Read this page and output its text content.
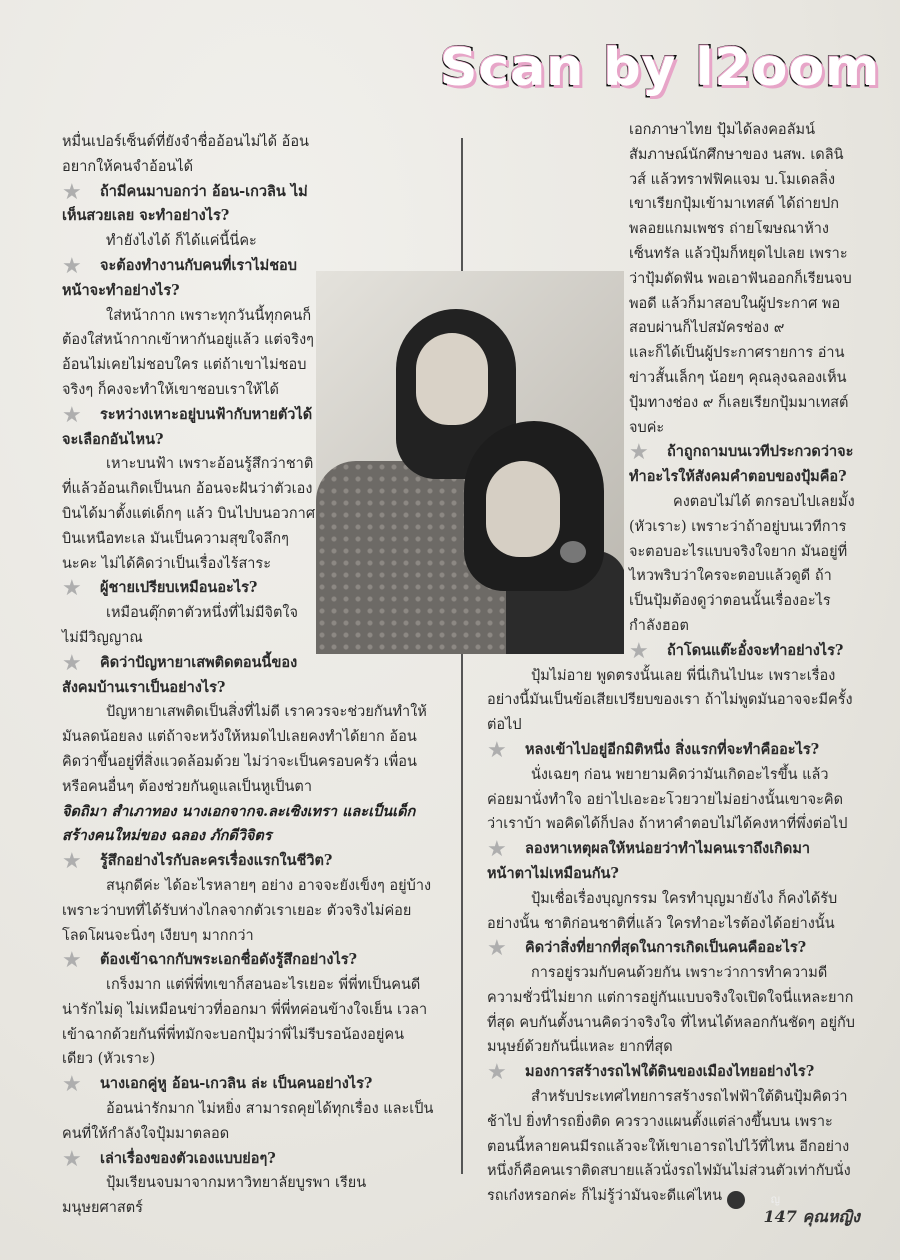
Scan by l2oom

หมื่นเปอร์เซ็นต์ที่ยังจำชื่ออ้อนไม่ได้ อ้อนอยากให้คนจำอ้อนได้

★ ถ้ามีคนมาบอกว่า อ้อน-เกวลิน ไม่เห็นสวยเลย จะทำอย่างไร?

ทำยังไงได้ ก็ได้แค่นี้นี่คะ

★ จะต้องทำงานกับคนที่เราไม่ชอบหน้าจะทำอย่างไร?

ใส่หน้ากาก เพราะทุกวันนี้ทุกคนก็ต้องใส่หน้ากากเข้าหากันอยู่แล้ว แต่จริงๆ อ้อนไม่เคยไม่ชอบใคร แต่ถ้าเขาไม่ชอบจริงๆ ก็คงจะทำให้เขาชอบเราให้ได้

★ ระหว่างเหาะอยู่บนฟ้ากับหายตัวได้ จะเลือกอันไหน?

เหาะบนฟ้า เพราะอ้อนรู้สึกว่าชาติที่แล้วอ้อนเกิดเป็นนก อ้อนจะฝันว่าตัวเองบินได้มาตั้งแต่เด็กๆ แล้ว บินไปบนอวกาศ บินเหนือทะเล มันเป็นความสุขใจลึกๆ นะคะ ไม่ได้คิดว่าเป็นเรื่องไร้สาระ

★ ผู้ชายเปรียบเหมือนอะไร?

เหมือนตุ๊กตาตัวหนึ่งที่ไม่มีจิตใจ ไม่มีวิญญาณ

★ คิดว่าปัญหายาเสพติดตอนนี้ของสังคมบ้านเราเป็นอย่างไร?

ปัญหายาเสพติดเป็นสิ่งที่ไม่ดี เราควรจะช่วยกันทำให้มันลดน้อยลง แต่ถ้าจะหวังให้หมดไปเลยคงทำได้ยาก อ้อนคิดว่าขึ้นอยู่ที่สิ่งแวดล้อมด้วย ไม่ว่าจะเป็นครอบครัว เพื่อน หรือคนอื่นๆ ต้องช่วยกันดูแลเป็นหูเป็นตา

จิดถิมา สำเภาทอง นางเอกจากจ.ละเซิงเทรา และเป็นเด็กสร้างคนใหม่ของ ฉลอง ภักดีวิจิตร

★ รู้สึกอย่างไรกับละครเรื่องแรกในชีวิต?

สนุกดีค่ะ ได้อะไรหลายๆ อย่าง อาจจะยังเข็งๆ อยู่บ้าง เพราะว่าบทที่ได้รับห่างไกลจากตัวเราเยอะ ตัวจริงไม่ค่อยโลดโผนจะนิ่งๆ เงียบๆ มากกว่า

★ ต้องเข้าฉากกับพระเอกชื่อดังรู้สึกอย่างไร?

เกร็งมาก แต่พี่พี่ทเขาก็สอนอะไรเยอะ พี่พี่ทเป็นคนดี น่ารักไม่ดุ ไม่เหมือนข่าวที่ออกมา พี่พี่ทค่อนข้างใจเย็น เวลาเข้าฉากด้วยกันพี่พี่ทมักจะบอกปุ้มว่าพี่ไม่รีบรอน้องอยู่คนเดียว (หัวเราะ)

★ นางเอกคู่หู อ้อน-เกวลิน ล่ะ เป็นคนอย่างไร?

อ้อนน่ารักมาก ไม่หยิ่ง สามารถคุยได้ทุกเรื่อง และเป็นคนที่ให้กำลังใจปุ้มมาตลอด

★ เล่าเรื่องของตัวเองแบบย่อๆ?

ปุ้มเรียนจบมาจากมหาวิทยาลัยบูรพา เรียนมนุษยศาสตร์

เอกภาษาไทย ปุ้มได้ลงคอลัมน์สัมภาษณ์นักศึกษาของ นสพ. เดลินิวส์ แล้วทราฟฟิคแจม บ.โมเดลลิ่งเขาเรียกปุ้มเข้ามาเทสต์ ได้ถ่ายปกพลอยแกมเพชร ถ่ายโฆษณาห้างเซ็นทรัล แล้วปุ้มก็หยุดไปเลย เพราะว่าปุ้มดัดฟัน พอเอาฟันออกก็เรียนจบพอดี แล้วก็มาสอบในผู้ประกาศ พอสอบผ่านก็ไปสมัครช่อง ๙

และก็ได้เป็นผู้ประกาศรายการ อ่านข่าวสั้นเล็กๆ น้อยๆ คุณลุงฉลองเห็นปุ้มทางช่อง ๙ ก็เลยเรียกปุ้มมาเทสต์จบค่ะ

★ ถ้าถูกถามบนเวทีประกวดว่าจะทำอะไรให้สังคมคำตอบของปุ้มคือ?

คงตอบไม่ได้ ตกรอบไปเลยมั้ง (หัวเราะ) เพราะว่าถ้าอยู่บนเวทีการจะตอบอะไรแบบจริงใจยาก มันอยู่ที่ไหวพริบว่าใครจะตอบแล้วดูดี ถ้าเป็นปุ้มต้องดูว่าตอนนั้นเรื่องอะไรกำลังฮอต

★ ถ้าโดนแต๊ะอั๋งจะทำอย่างไร?

ปุ้มไม่อาย พูดตรงนั้นเลย พี่นี่เกินไปนะ เพราะเรื่องอย่างนี้มันเป็นข้อเสียเปรียบของเรา ถ้าไม่พูดมันอาจจะมีครั้งต่อไป

★ หลงเข้าไปอยู่อีกมิติหนึ่ง สิ่งแรกที่จะทำคืออะไร?

นั่งเฉยๆ ก่อน พยายามคิดว่ามันเกิดอะไรขึ้น แล้วค่อยมานั่งทำใจ อย่าไปเอะอะโวยวายไม่อย่างนั้นเขาจะคิดว่าเราบ้า พอคิดได้ก็ปลง ถ้าหาคำตอบไม่ได้คงหาที่พึ่งต่อไป

★ ลองหาเหตุผลให้หน่อยว่าทำไมคนเราถึงเกิดมาหน้าตาไม่เหมือนกัน?

ปุ้มเชื่อเรื่องบุญกรรม ใครทำบุญมายังไง ก็คงได้รับอย่างนั้น ชาติก่อนชาติที่แล้ว ใครทำอะไรต้องได้อย่างนั้น

★ คิดว่าสิ่งที่ยากที่สุดในการเกิดเป็นคนคืออะไร?

การอยู่รวมกับคนด้วยกัน เพราะว่าการทำความดีความชั่วนี่ไม่ยาก แต่การอยู่กันแบบจริงใจเปิดใจนี่แหละยากที่สุด คบกันตั้งนานคิดว่าจริงใจ ที่ไหนได้หลอกกันชัดๆ อยู่กับมนุษย์ด้วยกันนี่แหละ ยากที่สุด

★ มองการสร้างรถไฟใต้ดินของเมืองไทยอย่างไร?

สำหรับประเทศไทยการสร้างรถไฟฟ้าใต้ดินปุ้มคิดว่าช้าไป ยิ่งทำรถยิ่งติด ควรวางแผนตั้งแต่ล่างขึ้นบน เพราะตอนนี้หลายคนมีรถแล้วจะให้เขาเอารถไปไว้ที่ไหน อีกอย่างหนึ่งก็คือคนเราติดสบายแล้วนั่งรถไฟมันไม่ส่วนตัวเท่ากับนั่งรถเก๋งหรอกค่ะ ก็ไม่รู้ว่ามันจะดีแค่ไหน	ญ

147 คุณหญิง
